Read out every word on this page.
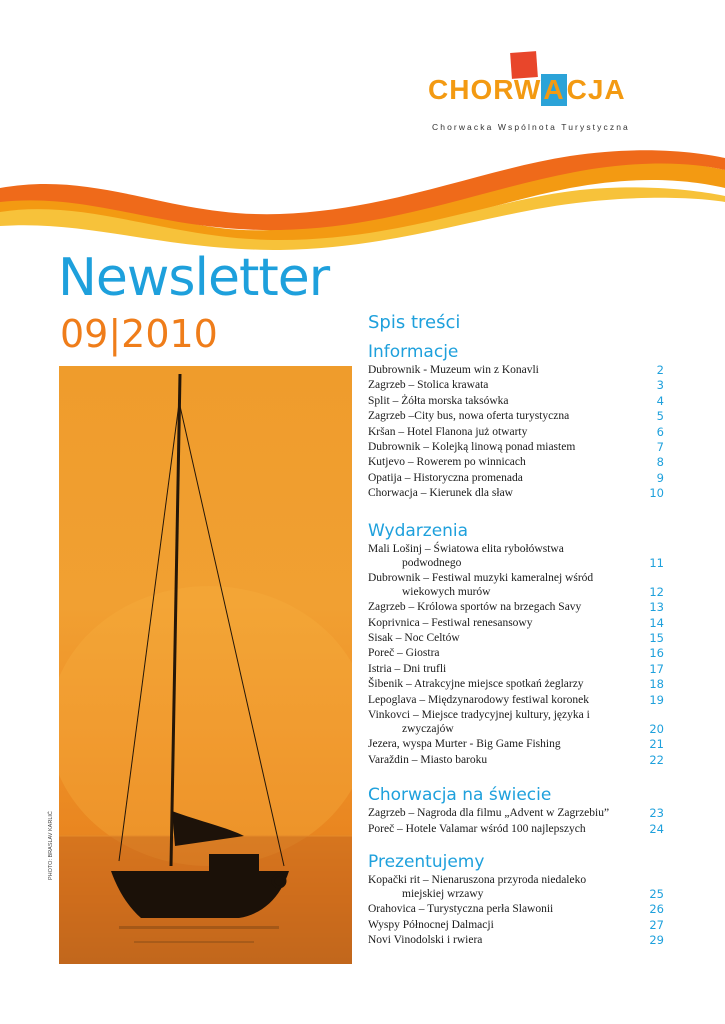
CHORWACJA
Chorwacka Wspólnota Turystyczna
Newsletter
09|2010
PHOTO: BRASLAV KARLIĆ
Spis treści
Informacje
Dubrownik - Muzeum win z Konavli	2
Zagrzeb – Stolica krawata	3
Split – Żółta morska taksówka	4
Zagrzeb –City bus, nowa oferta turystyczna	5
Kršan – Hotel Flanona już otwarty	6
Dubrownik – Kolejką linową ponad miastem	7
Kutjevo – Rowerem po winnicach	8
Opatija – Historyczna promenada	9
Chorwacja – Kierunek dla sław	10
Wydarzenia
Mali Lošinj – Światowa elita rybołówstwa
podwodnego	11
Dubrownik – Festiwal muzyki kameralnej wśród
wiekowych murów	12
Zagrzeb – Królowa sportów na brzegach Savy	13
Koprivnica – Festiwal renesansowy	14
Sisak – Noc Celtów	15
Poreč – Giostra	16
Istria – Dni trufli	17
Šibenik – Atrakcyjne miejsce spotkań żeglarzy	18
Lepoglava – Międzynarodowy festiwal koronek	19
Vinkovci – Miejsce tradycyjnej kultury, języka i
zwyczajów	20
Jezera, wyspa Murter - Big Game Fishing	21
Varaždin – Miasto baroku	22
Chorwacja na świecie
Zagrzeb – Nagroda dla filmu „Advent w Zagrzebiu”	23
Poreč – Hotele Valamar wśród 100 najlepszych	24
Prezentujemy
Kopački rit – Nienaruszona przyroda niedaleko
miejskiej wrzawy	25
Orahovica – Turystyczna perła Slawonii	26
Wyspy Północnej Dalmacji	27
Novi Vinodolski i rwiera	29
